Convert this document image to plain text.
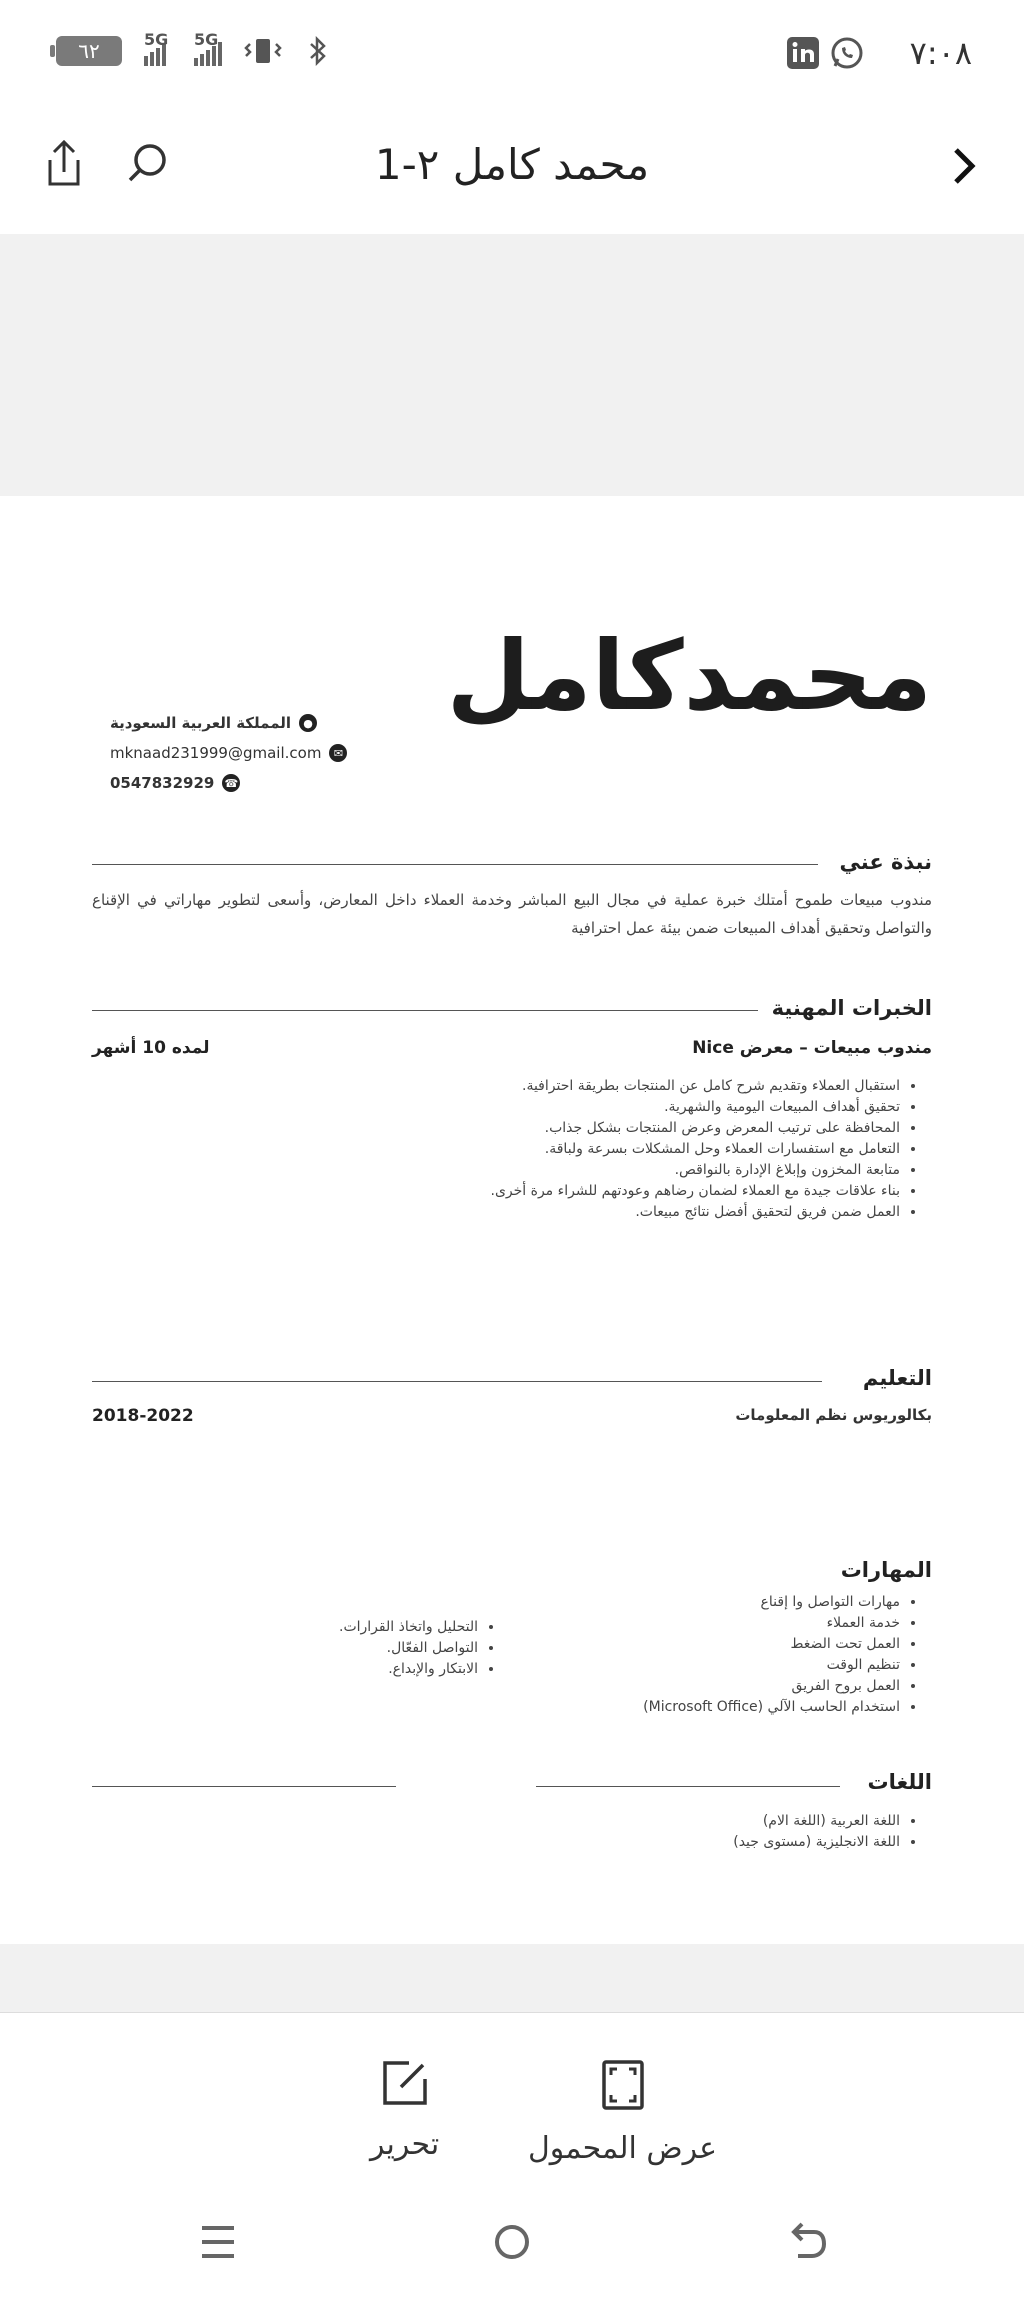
٦٢	5G 5G	٧:٠٨
محمد كامل ٢-1
محمدكامل
●
المملكة العربية السعودية
✉
mknaad231999@gmail.com
☎
0547832929
نبذة عني
مندوب مبيعات طموح أمتلك خبرة عملية في مجال البيع المباشر وخدمة العملاء داخل المعارض، وأسعى لتطوير مهاراتي في الإقناع والتواصل وتحقيق أهداف المبيعات ضمن بيئة عمل احترافية
الخبرات المهنية
مندوب مبيعات – معرض Nice
لمده 10 أشهر
• استقبال العملاء وتقديم شرح كامل عن المنتجات بطريقة احترافية.
• تحقيق أهداف المبيعات اليومية والشهرية.
• المحافظة على ترتيب المعرض وعرض المنتجات بشكل جذاب.
• التعامل مع استفسارات العملاء وحل المشكلات بسرعة ولباقة.
• متابعة المخزون وإبلاغ الإدارة بالنواقص.
• بناء علاقات جيدة مع العملاء لضمان رضاهم وعودتهم للشراء مرة أخرى.
• العمل ضمن فريق لتحقيق أفضل نتائج مبيعات.
التعليم
بكالوريوس نظم المعلومات
2018-2022
المهارات
• مهارات التواصل وا إقناع
• خدمة العملاء
• العمل تحت الضغط
• تنظيم الوقت
• العمل بروح الفريق
• استخدام الحاسب الآلي (Microsoft Office)
• التحليل واتخاذ القرارات.
• التواصل الفعّال.
• الابتكار والإبداع.
اللغات
• اللغة العربية (اللغة الام)
• اللغة الانجليزية (مستوى جيد)
تحرير	عرض المحمول
